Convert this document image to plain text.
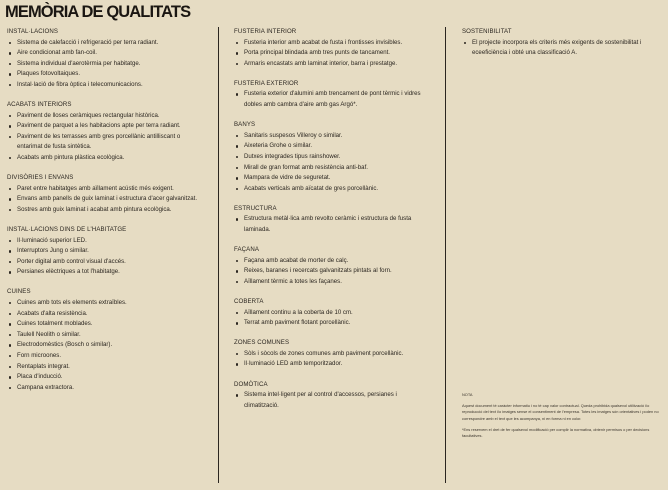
MEMÒRIA DE QUALITATS
INSTAL·LACIONS
Sistema de calefacció i refrigeració per terra radiant.
Aire condicionat amb fan-coil.
Sistema individual d'aerotèrmia per habitatge.
Plaques fotovoltaiques.
Instal·lació de fibra òptica i telecomunicacions.
ACABATS INTERIORS
Paviment de lloses ceràmiques rectangular històrica.
Paviment de parquet a les habitacions apte per terra radiant.
Paviment de les terrasses amb gres porcellànic antilliscant o entarimat de fusta sintètica.
Acabats amb pintura plàstica ecològica.
DIVISÒRIES I ENVANS
Paret entre habitatges amb aïllament acústic més exigent.
Envans amb panells de guix laminat i estructura d'acer galvanitzat.
Sostres amb guix laminat i acabat amb pintura ecològica.
INSTAL·LACIONS DINS DE L'HABITATGE
Il·luminació superior LED.
Interruptors Jung o similar.
Porter digital amb control visual d'accés.
Persianes elèctriques a tot l'habitatge.
CUINES
Cuines amb tots els elements extraïbles.
Acabats d'alta resistència.
Cuines totalment moblades.
Taulell Neolith o similar.
Electrodomèstics (Bosch o similar).
Forn microones.
Rentaplats integrat.
Placa d'inducció.
Campana extractora.
FUSTERIA INTERIOR
Fusteria interior amb acabat de fusta i frontisses invisibles.
Porta principal blindada amb tres punts de tancament.
Armaris encastats amb laminat interior, barra i prestatge.
FUSTERIA EXTERIOR
Fusteria exterior d'alumini amb trencament de pont tèrmic i vidres dobles amb cambra d'aire amb gas Argó*.
BANYS
Sanitaris suspesos Villeroy o similar.
Aixeteria Grohe o similar.
Dutxes integrades tipus rainshower.
Mirall de gran format amb resistència anti-baf.
Mampara de vidre de seguretat.
Acabats verticals amb aïcatat de gres porcellànic.
ESTRUCTURA
Estructura metàl·lica amb revolto ceràmic i estructura de fusta laminada.
FAÇANA
Façana amb acabat de morter de calç.
Reixes, baranes i recercats galvanitzats pintats al forn.
Aïllament tèrmic a totes les façanes.
COBERTA
Aïllament continu a la coberta de 10 cm.
Terrat amb paviment flotant porcellànic.
ZONES COMUNES
Sòls i sòcols de zones comunes amb paviment porcellànic.
Il·luminació LED amb temporitzador.
DOMÒTICA
Sistema intel·ligent per al control d'accessos, persianes i climatització.
SOSTENIBILITAT
El projecte incorpora els criteris més exigents de sostenibilitat i eceeficiència i obté una classificació A.

NOTA

Aquest document té caràcter informatiu i no té cap valor contractual. Queda prohibida qualsevol utilització i/o reproducció del text i/o imatges sense el consentiment de l'empresa. Totes les imatges són orientatives i poden no correspondre amb el text que les acompanya, ni en forma ni en color.

*Ens reservem el dret de fer qualsevol modificació per complir la normativa, obtenir permisos o per decisions facultatives.
